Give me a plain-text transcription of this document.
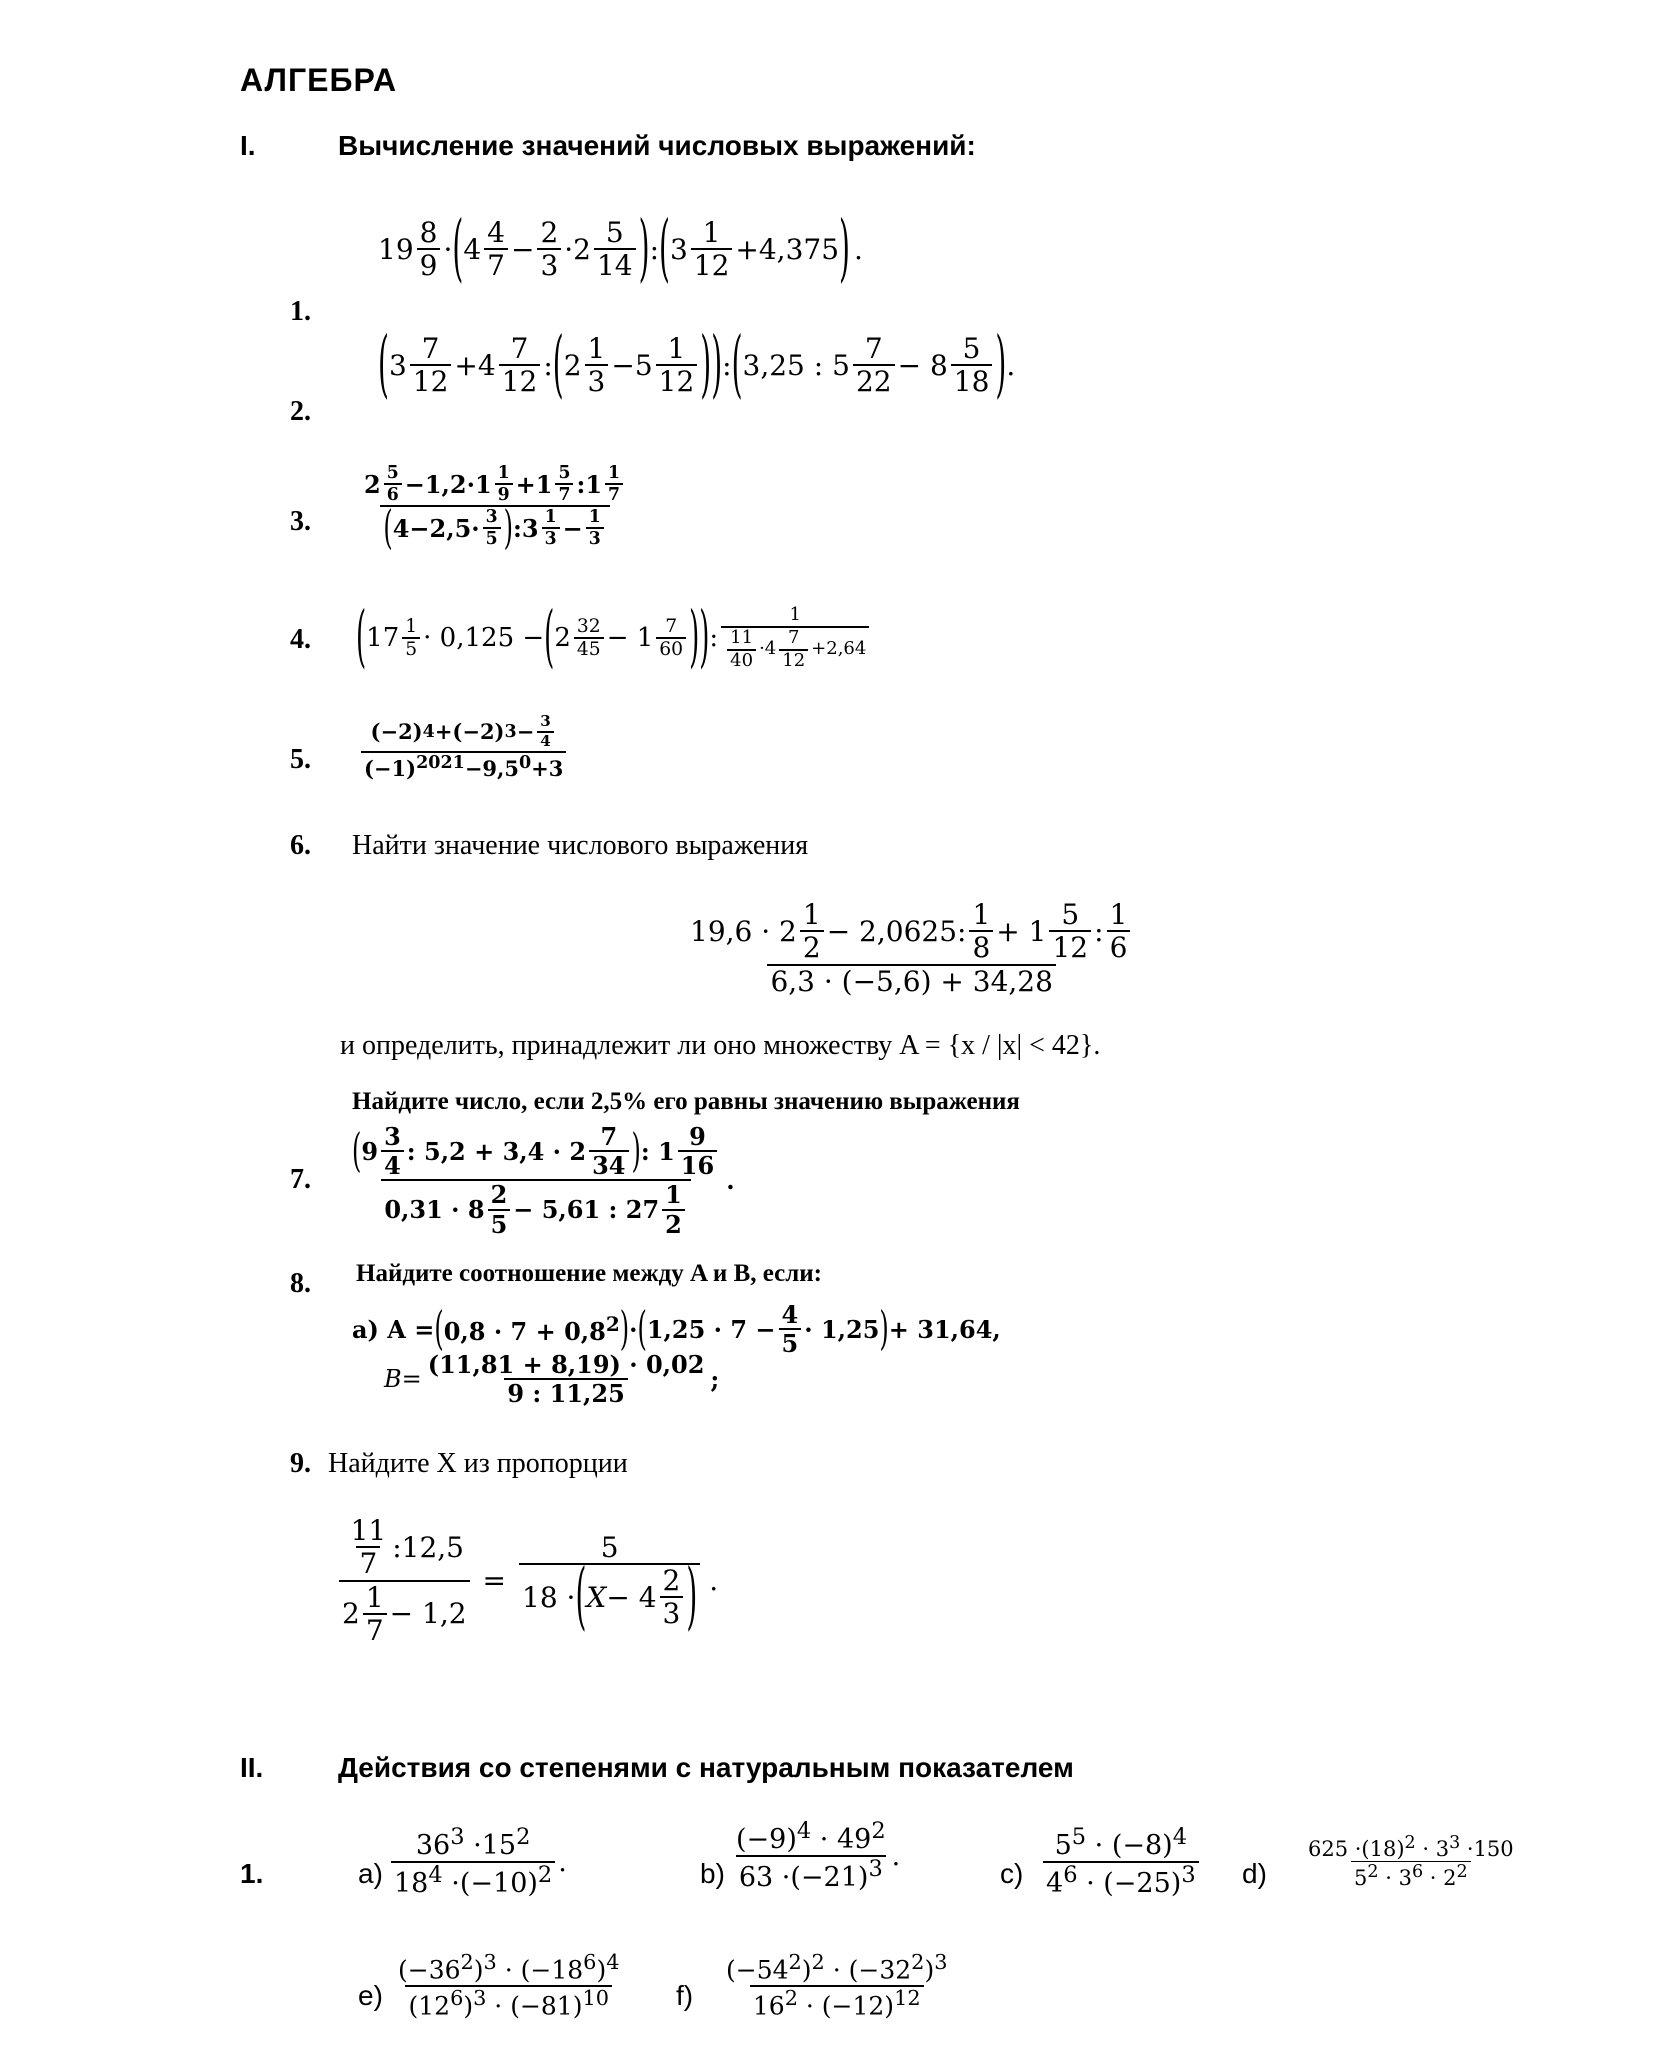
АЛГЕБРА
I.	Вычисление значений числовых выражений:
1.
19
8
9 · ( 4
4
$7 - \frac{2}{3} \cdot 2$
5
14 ) : ( 3
1
12 +4,375 ) .
2.
( 3
7
12 +4
7
12 : ( 2
1
3 −5
1
12 ) ) : ( 3,25 : 5
7
22 − 8
5
18 ) .
3. 2 5
6 −1,2·1 1
9 +1 5
7 :1 1
7
( 4−2,5· 3
5 ) :3 1
3 − 1
3
4. ( 17 1
5 · 0,125 − ( 2 32
45 − 1 7
60 ) ) :
1
11
40
·4
7
12
+2,64
5. (−2) 4 +(−2) 3 − 3
4
$(-1)^{2021}-9,5^0+3$
6. Найти значение числового выражения
19,6 · 2
1
2
− 2,0625:
1
8
+ 1
5
12
:
1
6
6,3 · (−5,6) + 34,28
и определить, принадлежит ли оно множеству A = {x / |x| < 42}.
Найдите число, если 2,5% его равны значению выражения
7.
( 9
3
4
: 5,2 + 3,4 · 2
7
34 ) : 1
9
16
0,31 · 8
2
5
− 5,61 : 27
1
2
.
8. Найдите соотношение между A и B, если:
а) A = ( $0,8 \cdot 7 + 0,8^2$ ) · ( $1,25 \cdot 7 - \frac{4}{5} \cdot 1,25$ ) + 31,64,
$B = \frac{(11,81 + 8,19) \cdot 0,02}{9 : 11,25}$ ;
9. Найдите X из пропорции
11
7
:12,5
2
1
7
− 1,2 = 5
18 · ( X − 4
2
3 ) .
II.	Действия со степенями с натуральным показателем
1.	a)
$36^3 \cdot 15^2$
$18^4 \cdot(-10)^2$ .	b)
$(-9)^4 \cdot 49^2$
$63 \cdot(-21)^3$ .
c)
$5^5 \cdot (-8)^4$
$4^6 \cdot (-25)^3$ d)
$625 \cdot(18)^2 \cdot 3^3 \cdot 150$
$5^2 \cdot 3^6 \cdot 2^2$
e)
$(-36^2)^3 \cdot (-18^6)^4$
$(12^6)^3 \cdot (-81)^{10}$ f)
$(-54^2)^2 \cdot (-32^2)^3$
$16^2 \cdot (-12)^{12}$
